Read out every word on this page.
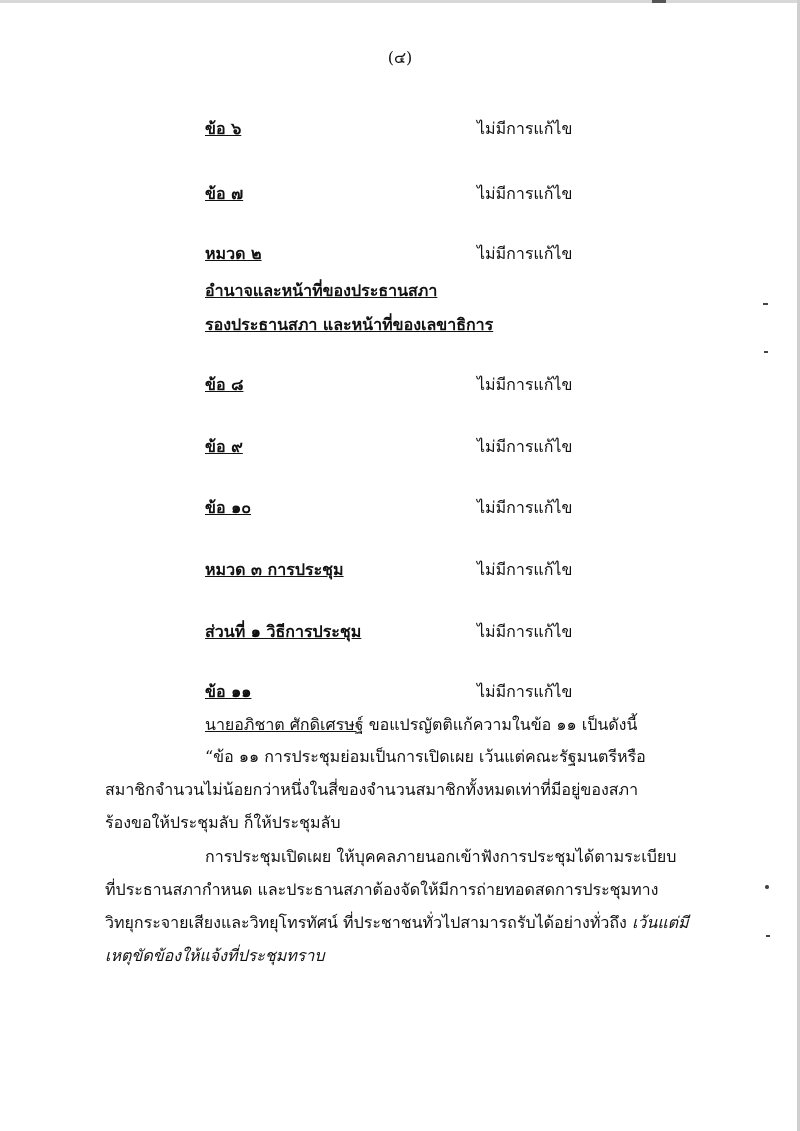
(๔)
ข้อ ๖	ไม่มีการแก้ไข
ข้อ ๗	ไม่มีการแก้ไข
หมวด ๒	ไม่มีการแก้ไข
อำนาจและหน้าที่ของประธานสภา
รองประธานสภา และหน้าที่ของเลขาธิการ
ข้อ ๘	ไม่มีการแก้ไข
ข้อ ๙	ไม่มีการแก้ไข
ข้อ ๑๐	ไม่มีการแก้ไข
หมวด ๓ การประชุม	ไม่มีการแก้ไข
ส่วนที่ ๑ วิธีการประชุม	ไม่มีการแก้ไข
ข้อ ๑๑	ไม่มีการแก้ไข
นายอภิชาต ศักดิเศรษฐ์ ขอแปรญัตติแก้ความในข้อ ๑๑ เป็นดังนี้
“ข้อ ๑๑ การประชุมย่อมเป็นการเปิดเผย เว้นแต่คณะรัฐมนตรีหรือ
สมาชิกจำนวนไม่น้อยกว่าหนึ่งในสี่ของจำนวนสมาชิกทั้งหมดเท่าที่มีอยู่ของสภา
ร้องขอให้ประชุมลับ ก็ให้ประชุมลับ
การประชุมเปิดเผย ให้บุคคลภายนอกเข้าฟังการประชุมได้ตามระเบียบ
ที่ประธานสภากำหนด และประธานสภาต้องจัดให้มีการถ่ายทอดสดการประชุมทาง
วิทยุกระจายเสียงและวิทยุโทรทัศน์ ที่ประชาชนทั่วไปสามารถรับได้อย่างทั่วถึง เว้นแต่มี
เหตุขัดข้องให้แจ้งที่ประชุมทราบ
